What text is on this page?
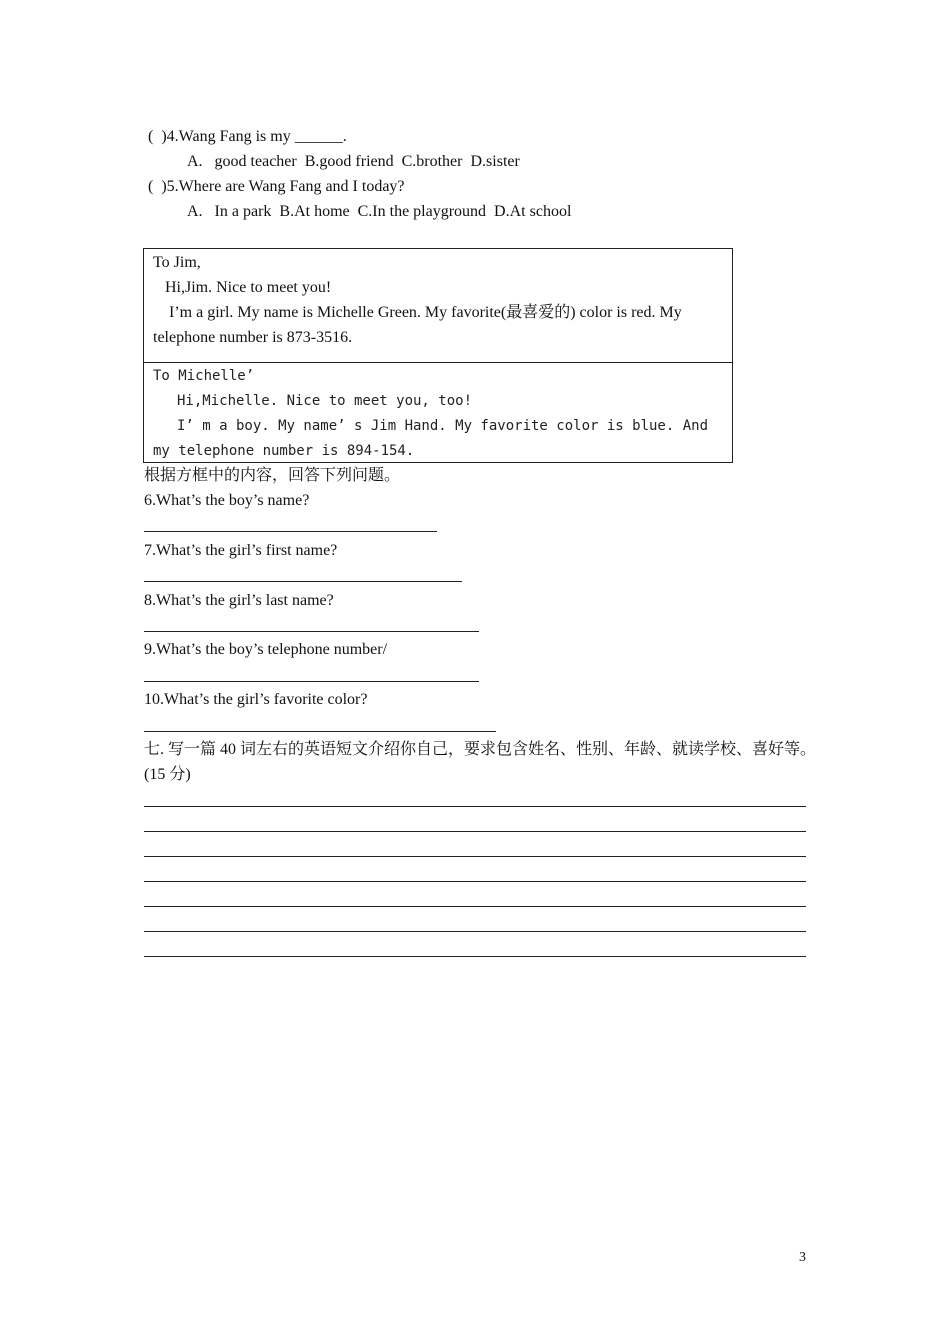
(  )4.Wang Fang is my ______.
A.   good teacher  B.good friend  C.brother  D.sister
(  )5.Where are Wang Fang and I today?
A.   In a park  B.At home  C.In the playground  D.At school
To Jim,
Hi,Jim. Nice to meet you!
I’m a girl. My name is Michelle Green. My favorite(最喜爱的) color is red. My
telephone number is 873-3516.
To Michelle’
Hi,Michelle. Nice to meet you, too!
I’ m a boy. My name’ s Jim Hand. My favorite color is blue. And
my telephone number is 894-154.
根据方框中的内容，回答下列问题。
6.What’s the boy’s name?
7.What’s the girl’s first name?
8.What’s the girl’s last name?
9.What’s the boy’s telephone number/
10.What’s the girl’s favorite color?
七. 写一篇 40 词左右的英语短文介绍你自己，要求包含姓名、性别、年龄、就读学校、喜好等。
(15 分)
3
